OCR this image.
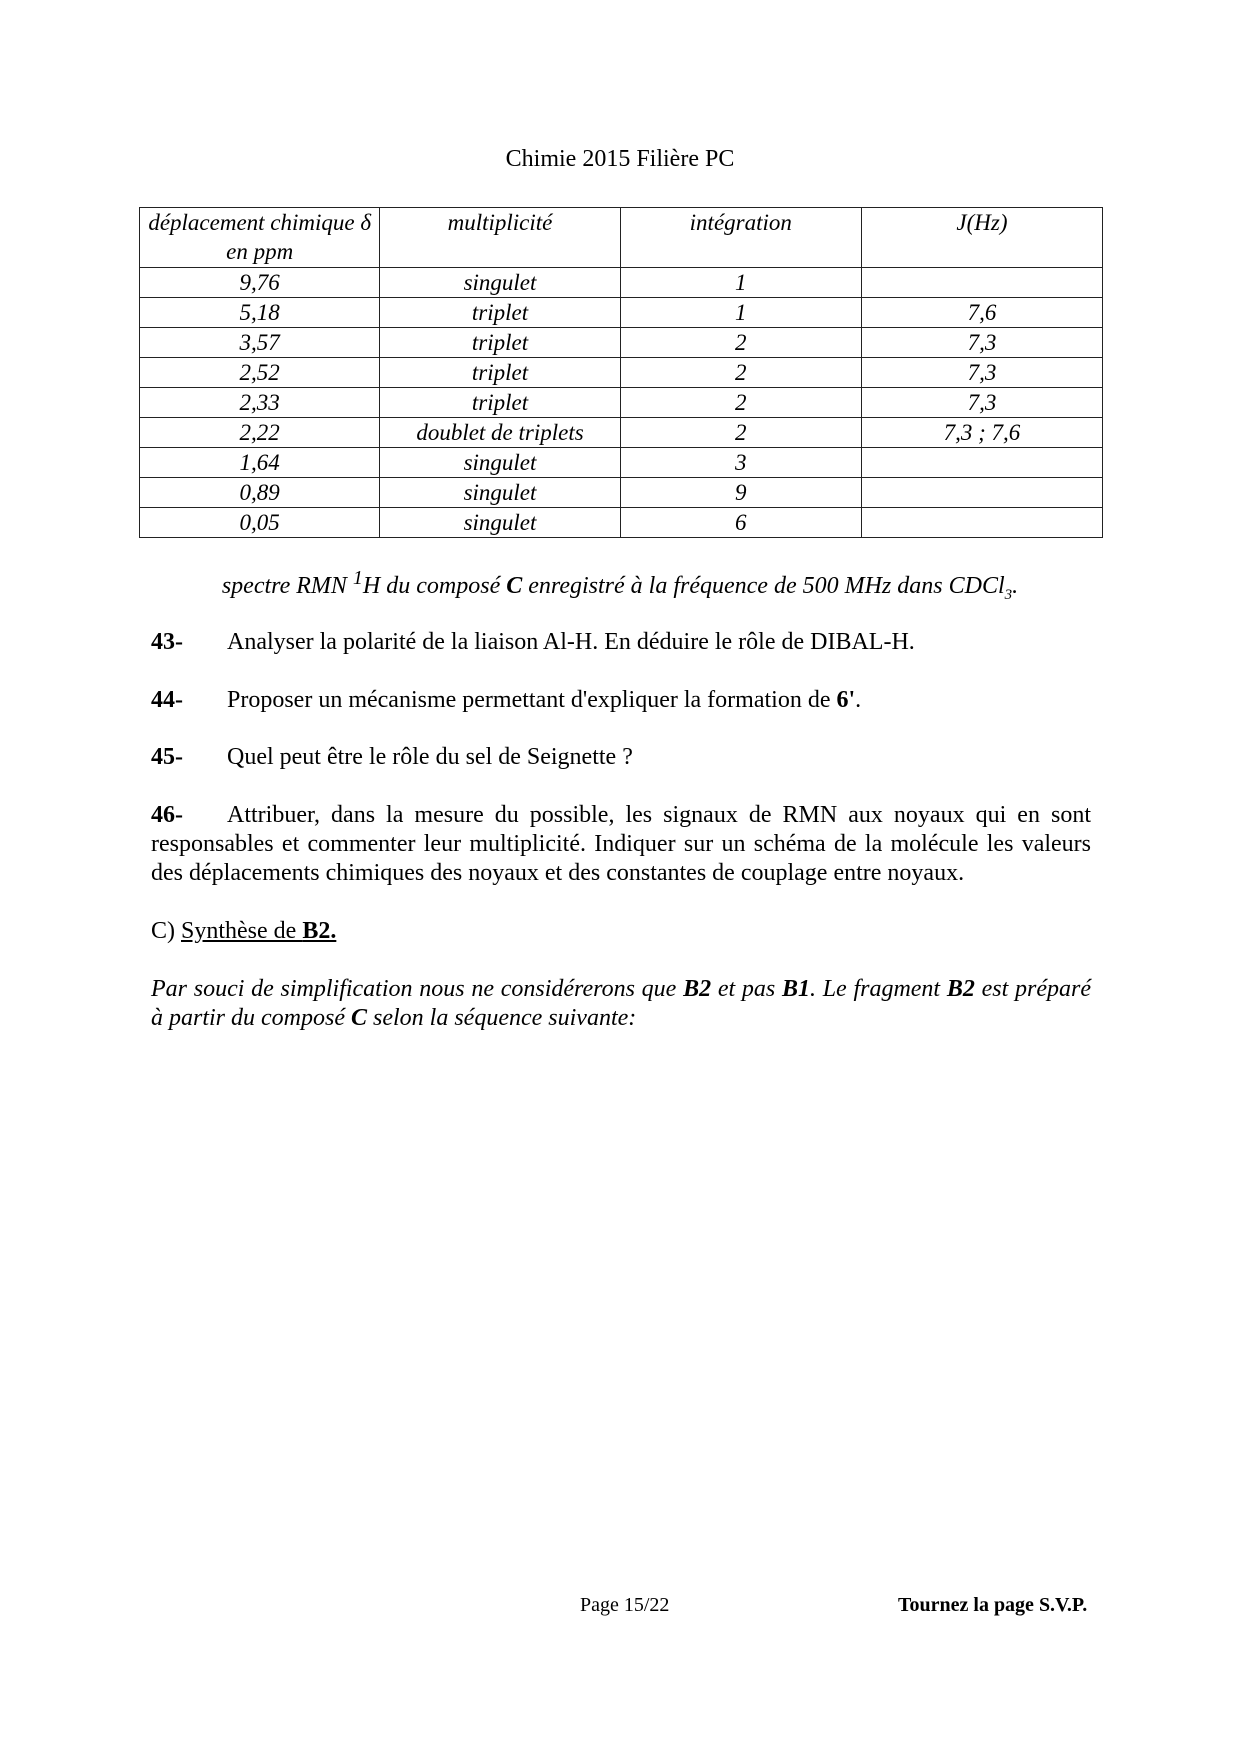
Chimie 2015 Filière PC
déplacement chimique δ en ppm	multiplicité	intégration	J(Hz)
9,76	singulet	1	
5,18	triplet	1	7,6
3,57	triplet	2	7,3
2,52	triplet	2	7,3
2,33	triplet	2	7,3
2,22	doublet de triplets	2	7,3 ; 7,6
1,64	singulet	3	
0,89	singulet	9	
0,05	singulet	6	
spectre RMN $^1$H du composé C enregistré à la fréquence de 500 MHz dans CDCl$_3$.
43- Analyser la polarité de la liaison Al-H. En déduire le rôle de DIBAL-H.
44- Proposer un mécanisme permettant d'expliquer la formation de 6'.
45- Quel peut être le rôle du sel de Seignette ?
46- Attribuer, dans la mesure du possible, les signaux de RMN aux noyaux qui en sont responsables et commenter leur multiplicité. Indiquer sur un schéma de la molécule les valeurs des déplacements chimiques des noyaux et des constantes de couplage entre noyaux.
C) Synthèse de B2.
Par souci de simplification nous ne considérerons que B2 et pas B1. Le fragment B2 est préparé à partir du composé C selon la séquence suivante:
Page 15/22	Tournez la page S.V.P.
